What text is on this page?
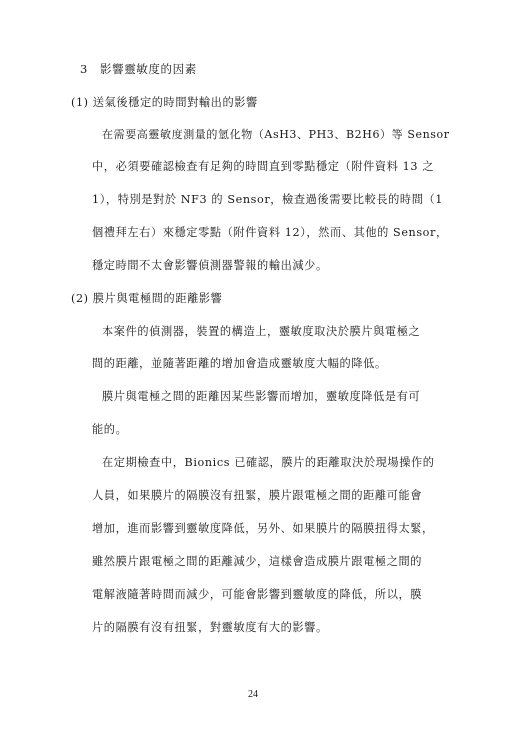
3 影響靈敏度的因素
(1) 送氣後穩定的時間對輸出的影響
在需要高靈敏度測量的氫化物（AsH3、PH3、B2H6）等 Sensor
中，必須要確認檢查有足夠的時間直到零點穩定（附件資料 13 之
1），特別是對於 NF3 的 Sensor，檢查過後需要比較長的時間（1
個禮拜左右）來穩定零點（附件資料 12），然而、其他的 Sensor，
穩定時間不太會影響偵測器警報的輸出減少。
(2) 膜片與電極間的距離影響
本案件的偵測器，裝置的構造上，靈敏度取決於膜片與電極之
間的距離，並隨著距離的增加會造成靈敏度大幅的降低。
膜片與電極之間的距離因某些影響而增加，靈敏度降低是有可
能的。
在定期檢查中，Bionics 已確認，膜片的距離取決於現場操作的
人員，如果膜片的隔膜沒有扭緊，膜片跟電極之間的距離可能會
增加，進而影響到靈敏度降低，另外、如果膜片的隔膜扭得太緊，
雖然膜片跟電極之間的距離減少，這樣會造成膜片跟電極之間的
電解液隨著時間而減少，可能會影響到靈敏度的降低，所以，膜
片的隔膜有沒有扭緊，對靈敏度有大的影響。
24
